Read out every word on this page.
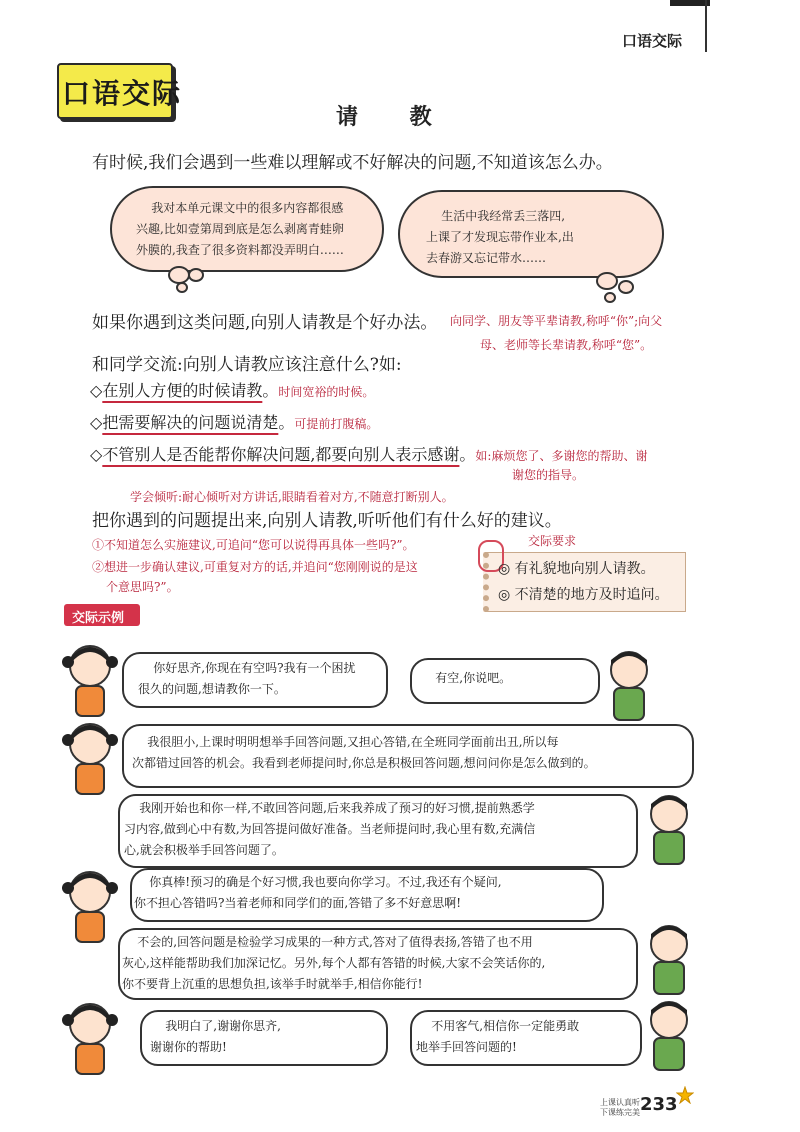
口语交际
口语交际
请 教
有时候,我们会遇到一些难以理解或不好解决的问题,不知道该怎么办。
我对本单元课文中的很多内容都很感
兴趣,比如壹第周到底是怎么剥离青蛙卵
外膜的,我查了很多资料都没弄明白……
生活中我经常丢三落四,
上课了才发现忘带作业本,出
去春游又忘记带水……
如果你遇到这类问题,向别人请教是个好办法。 向同学、朋友等平辈请教,称呼“你”;向父
母、老师等长辈请教,称呼“您”。
和同学交流:向别人请教应该注意什么?如:
◇在别人方便的时候请教。时间宽裕的时候。
◇把需要解决的问题说清楚。可提前打腹稿。
◇不管别人是否能帮你解决问题,都要向别人表示感谢。如:麻烦您了、多谢您的帮助、谢
谢您的指导。
学会倾听:耐心倾听对方讲话,眼睛看着对方,不随意打断别人。
把你遇到的问题提出来,向别人请教,听听他们有什么好的建议。
①不知道怎么实施建议,可追问“您可以说得再具体一些吗?”。
②想进一步确认建议,可重复对方的话,并追问“您刚刚说的是这
个意思吗?”。
交际要求
◎ 有礼貌地向别人请教。
◎ 不清楚的地方及时追问。
交际示例
你好思齐,你现在有空吗?我有一个困扰
很久的问题,想请教你一下。
有空,你说吧。
我很胆小,上课时明明想举手回答问题,又担心答错,在全班同学面前出丑,所以每
次都错过回答的机会。我看到老师提问时,你总是积极回答问题,想问问你是怎么做到的。
我刚开始也和你一样,不敢回答问题,后来我养成了预习的好习惯,提前熟悉学
习内容,做到心中有数,为回答提问做好准备。当老师提问时,我心里有数,充满信
心,就会积极举手回答问题了。
你真棒!预习的确是个好习惯,我也要向你学习。不过,我还有个疑问,
你不担心答错吗?当着老师和同学们的面,答错了多不好意思啊!
不会的,回答问题是检验学习成果的一种方式,答对了值得表扬,答错了也不用
灰心,这样能帮助我们加深记忆。另外,每个人都有答错的时候,大家不会笑话你的,
你不要背上沉重的思想负担,该举手时就举手,相信你能行!
我明白了,谢谢你思齐,
谢谢你的帮助!
不用客气,相信你一定能勇敢
地举手回答问题的!
上课认真听
下课练完美 233
